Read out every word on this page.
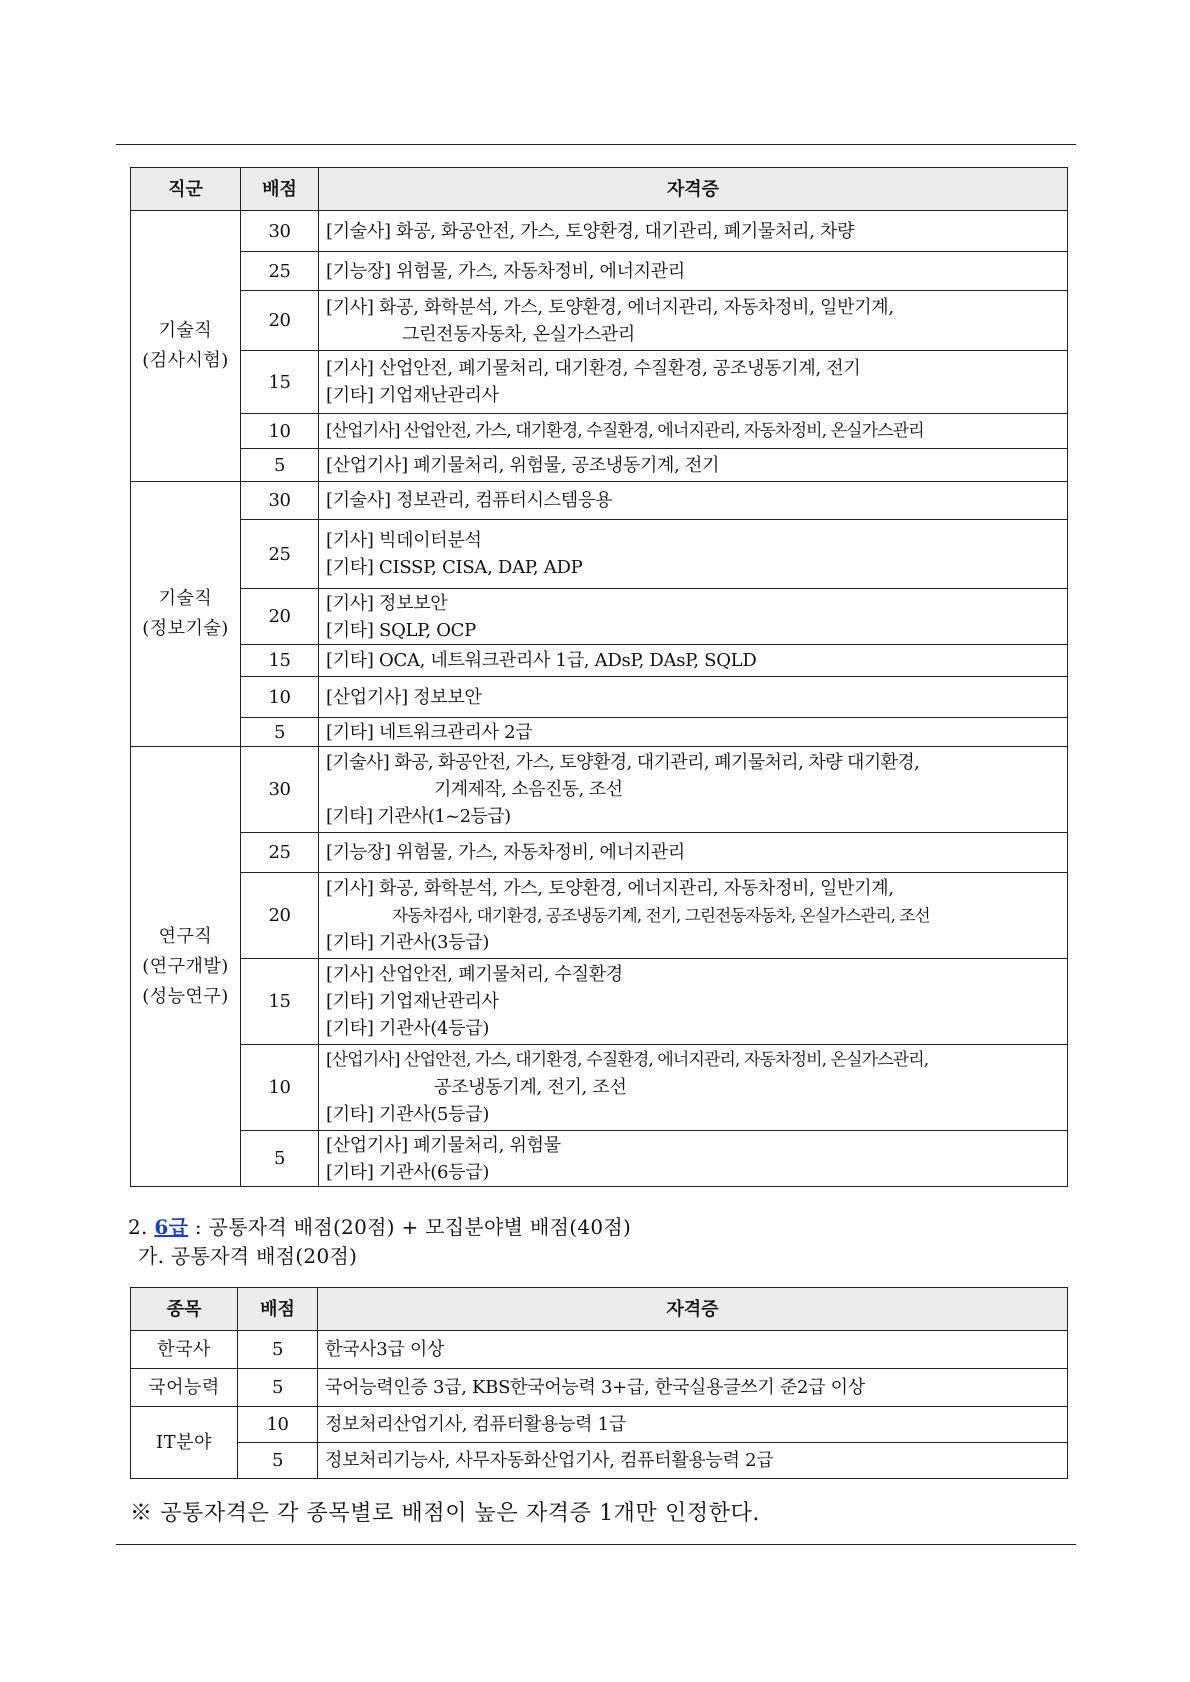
직군	배점	자격증

기술직
(검사시험)	30	[기술사] 화공, 화공안전, 가스, 토양환경, 대기관리, 폐기물처리, 차량

	25	[기능장] 위험물, 가스, 자동차정비, 에너지관리

	20	[기사] 화공, 화학분석, 가스, 토양환경, 에너지관리, 자동차정비, 일반기계,
그린전동자동차, 온실가스관리

	15	[기사] 산업안전, 폐기물처리, 대기환경, 수질환경, 공조냉동기계, 전기
[기타] 기업재난관리사

	10	[산업기사] 산업안전, 가스, 대기환경, 수질환경, 에너지관리, 자동차정비, 온실가스관리

	5	[산업기사] 폐기물처리, 위험물, 공조냉동기계, 전기

기술직
(정보기술)	30	[기술사] 정보관리, 컴퓨터시스템응용

	25	[기사] 빅데이터분석
[기타] CISSP, CISA, DAP, ADP

	20	[기사] 정보보안
[기타] SQLP, OCP

	15	[기타] OCA, 네트워크관리사 1급, ADsP, DAsP, SQLD

	10	[산업기사] 정보보안

	5	[기타] 네트워크관리사 2급

연구직
(연구개발)
(성능연구)	30	[기술사] 화공, 화공안전, 가스, 토양환경, 대기관리, 폐기물처리, 차량 대기환경,
기계제작, 소음진동, 조선
[기타] 기관사(1~2등급)

	25	[기능장] 위험물, 가스, 자동차정비, 에너지관리

	20	[기사] 화공, 화학분석, 가스, 토양환경, 에너지관리, 자동차정비, 일반기계,
자동차검사, 대기환경, 공조냉동기계, 전기, 그린전동자동차, 온실가스관리, 조선
[기타] 기관사(3등급)

	15	[기사] 산업안전, 폐기물처리, 수질환경
[기타] 기업재난관리사
[기타] 기관사(4등급)

	10	[산업기사] 산업안전, 가스, 대기환경, 수질환경, 에너지관리, 자동차정비, 온실가스관리,
공조냉동기계, 전기, 조선
[기타] 기관사(5등급)

	5	[산업기사] 폐기물처리, 위험물
[기타] 기관사(6등급)
2. 6급 : 공통자격 배점(20점) + 모집분야별 배점(40점)
가. 공통자격 배점(20점)
종목	배점	자격증
한국사	5	한국사3급 이상
국어능력	5	국어능력인증 3급, KBS한국어능력 3+급, 한국실용글쓰기 준2급 이상
IT분야	10	정보처리산업기사, 컴퓨터활용능력 1급
	5	정보처리기능사, 사무자동화산업기사, 컴퓨터활용능력 2급
※ 공통자격은 각 종목별로 배점이 높은 자격증 1개만 인정한다.
